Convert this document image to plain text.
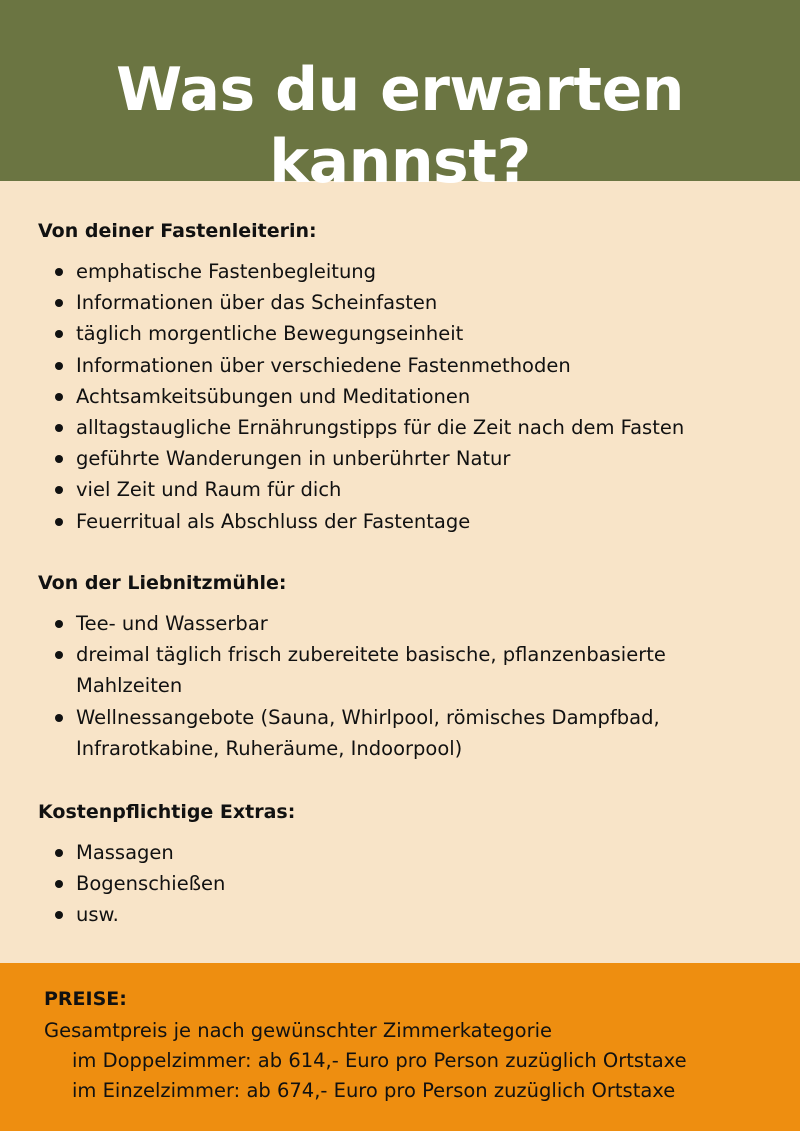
Was du erwarten kannst?
Von deiner Fastenleiterin:
emphatische Fastenbegleitung
Informationen über das Scheinfasten
täglich morgentliche Bewegungseinheit
Informationen über verschiedene Fastenmethoden
Achtsamkeitsübungen und Meditationen
alltagstaugliche Ernährungstipps für die Zeit nach dem Fasten
geführte Wanderungen in unberührter Natur
viel Zeit und Raum für dich
Feuerritual als Abschluss der Fastentage
Von der Liebnitzmühle:
Tee- und Wasserbar
dreimal täglich frisch zubereitete basische, pflanzenbasierte Mahlzeiten
Wellnessangebote (Sauna, Whirlpool, römisches Dampfbad, Infrarotkabine, Ruheräume, Indoorpool)
Kostenpflichtige Extras:
Massagen
Bogenschießen
usw.
PREISE:

Gesamtpreis je nach gewünschter Zimmerkategorie

im Doppelzimmer: ab 614,- Euro pro Person zuzüglich Ortstaxe

im Einzelzimmer: ab 674,- Euro pro Person zuzüglich Ortstaxe
